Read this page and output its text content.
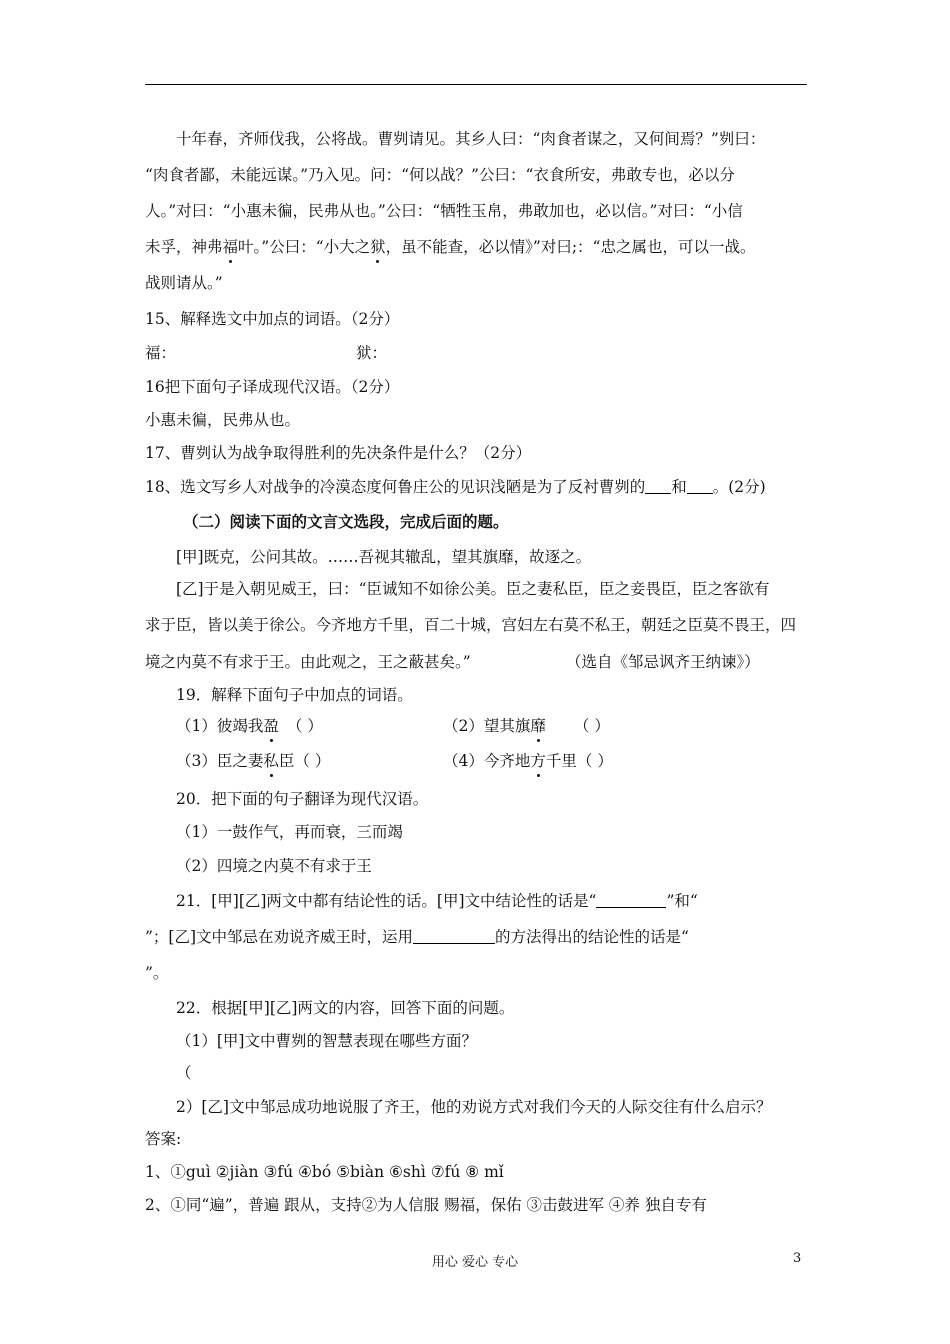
十年春，齐师伐我，公将战。曹刿请见。其乡人曰：“肉食者谋之，又何间焉？”刿曰：
“肉食者鄙，未能远谋。”乃入见。问：“何以战？”公曰：“衣食所安，弗敢专也，必以分
人。”对曰：“小惠未徧，民弗从也。”公曰：“牺牲玉帛，弗敢加也，必以信。”对曰：“小信
未孚，神弗福叶。”公曰：“小大之狱，虽不能查，必以情》”对曰;：“忠之属也，可以一战。
战则请从。”
15、解释选文中加点的词语。（2分）
福：	狱：
16把下面句子译成现代汉语。（2分）
小惠未徧，民弗从也。
17、曹刿认为战争取得胜利的先决条件是什么？（2分）
18、选文写乡人对战争的冷漠态度何鲁庄公的见识浅陋是为了反衬曹刿的 和 。(2分)
（二）阅读下面的文言文选段，完成后面的题。
[甲]既克，公问其故。……吾视其辙乱，望其旗靡，故逐之。
[乙]于是入朝见威王，曰：“臣诚知不如徐公美。臣之妻私臣，臣之妾畏臣，臣之客欲有
求于臣，皆以美于徐公。今齐地方千里，百二十城，宫妇左右莫不私王，朝廷之臣莫不畏王，四
境之内莫不有求于王。由此观之，王之蔽甚矣。”	（选自《邹忌讽齐王纳谏》）
19．解释下面句子中加点的词语。
（1）彼竭我盈 （ ）	（2）望其旗靡 （ ）
（3）臣之妻私臣（ ）	（4）今齐地方千里（ ）
20．把下面的句子翻译为现代汉语。
（1）一鼓作气，再而衰，三而竭
（2）四境之内莫不有求于王
21．[甲][乙]两文中都有结论性的话。[甲]文中结论性的话是“	”和“
”；[乙]文中邹忌在劝说齐威王时，运用	的方法得出的结论性的话是“
”。
22．根据[甲][乙]两文的内容，回答下面的问题。
（1）[甲]文中曹刿的智慧表现在哪些方面？
（
2）[乙]文中邹忌成功地说服了齐王，他的劝说方式对我们今天的人际交往有什么启示？
答案:
1、①guì ②jiàn ③fú ④bó ⑤biàn ⑥shì ⑦fú ⑧ mǐ
2、①同“遍”，普遍 跟从，支持②为人信服 赐福，保佑 ③击鼓进军 ④养 独自专有
用心 爱心 专心	3
